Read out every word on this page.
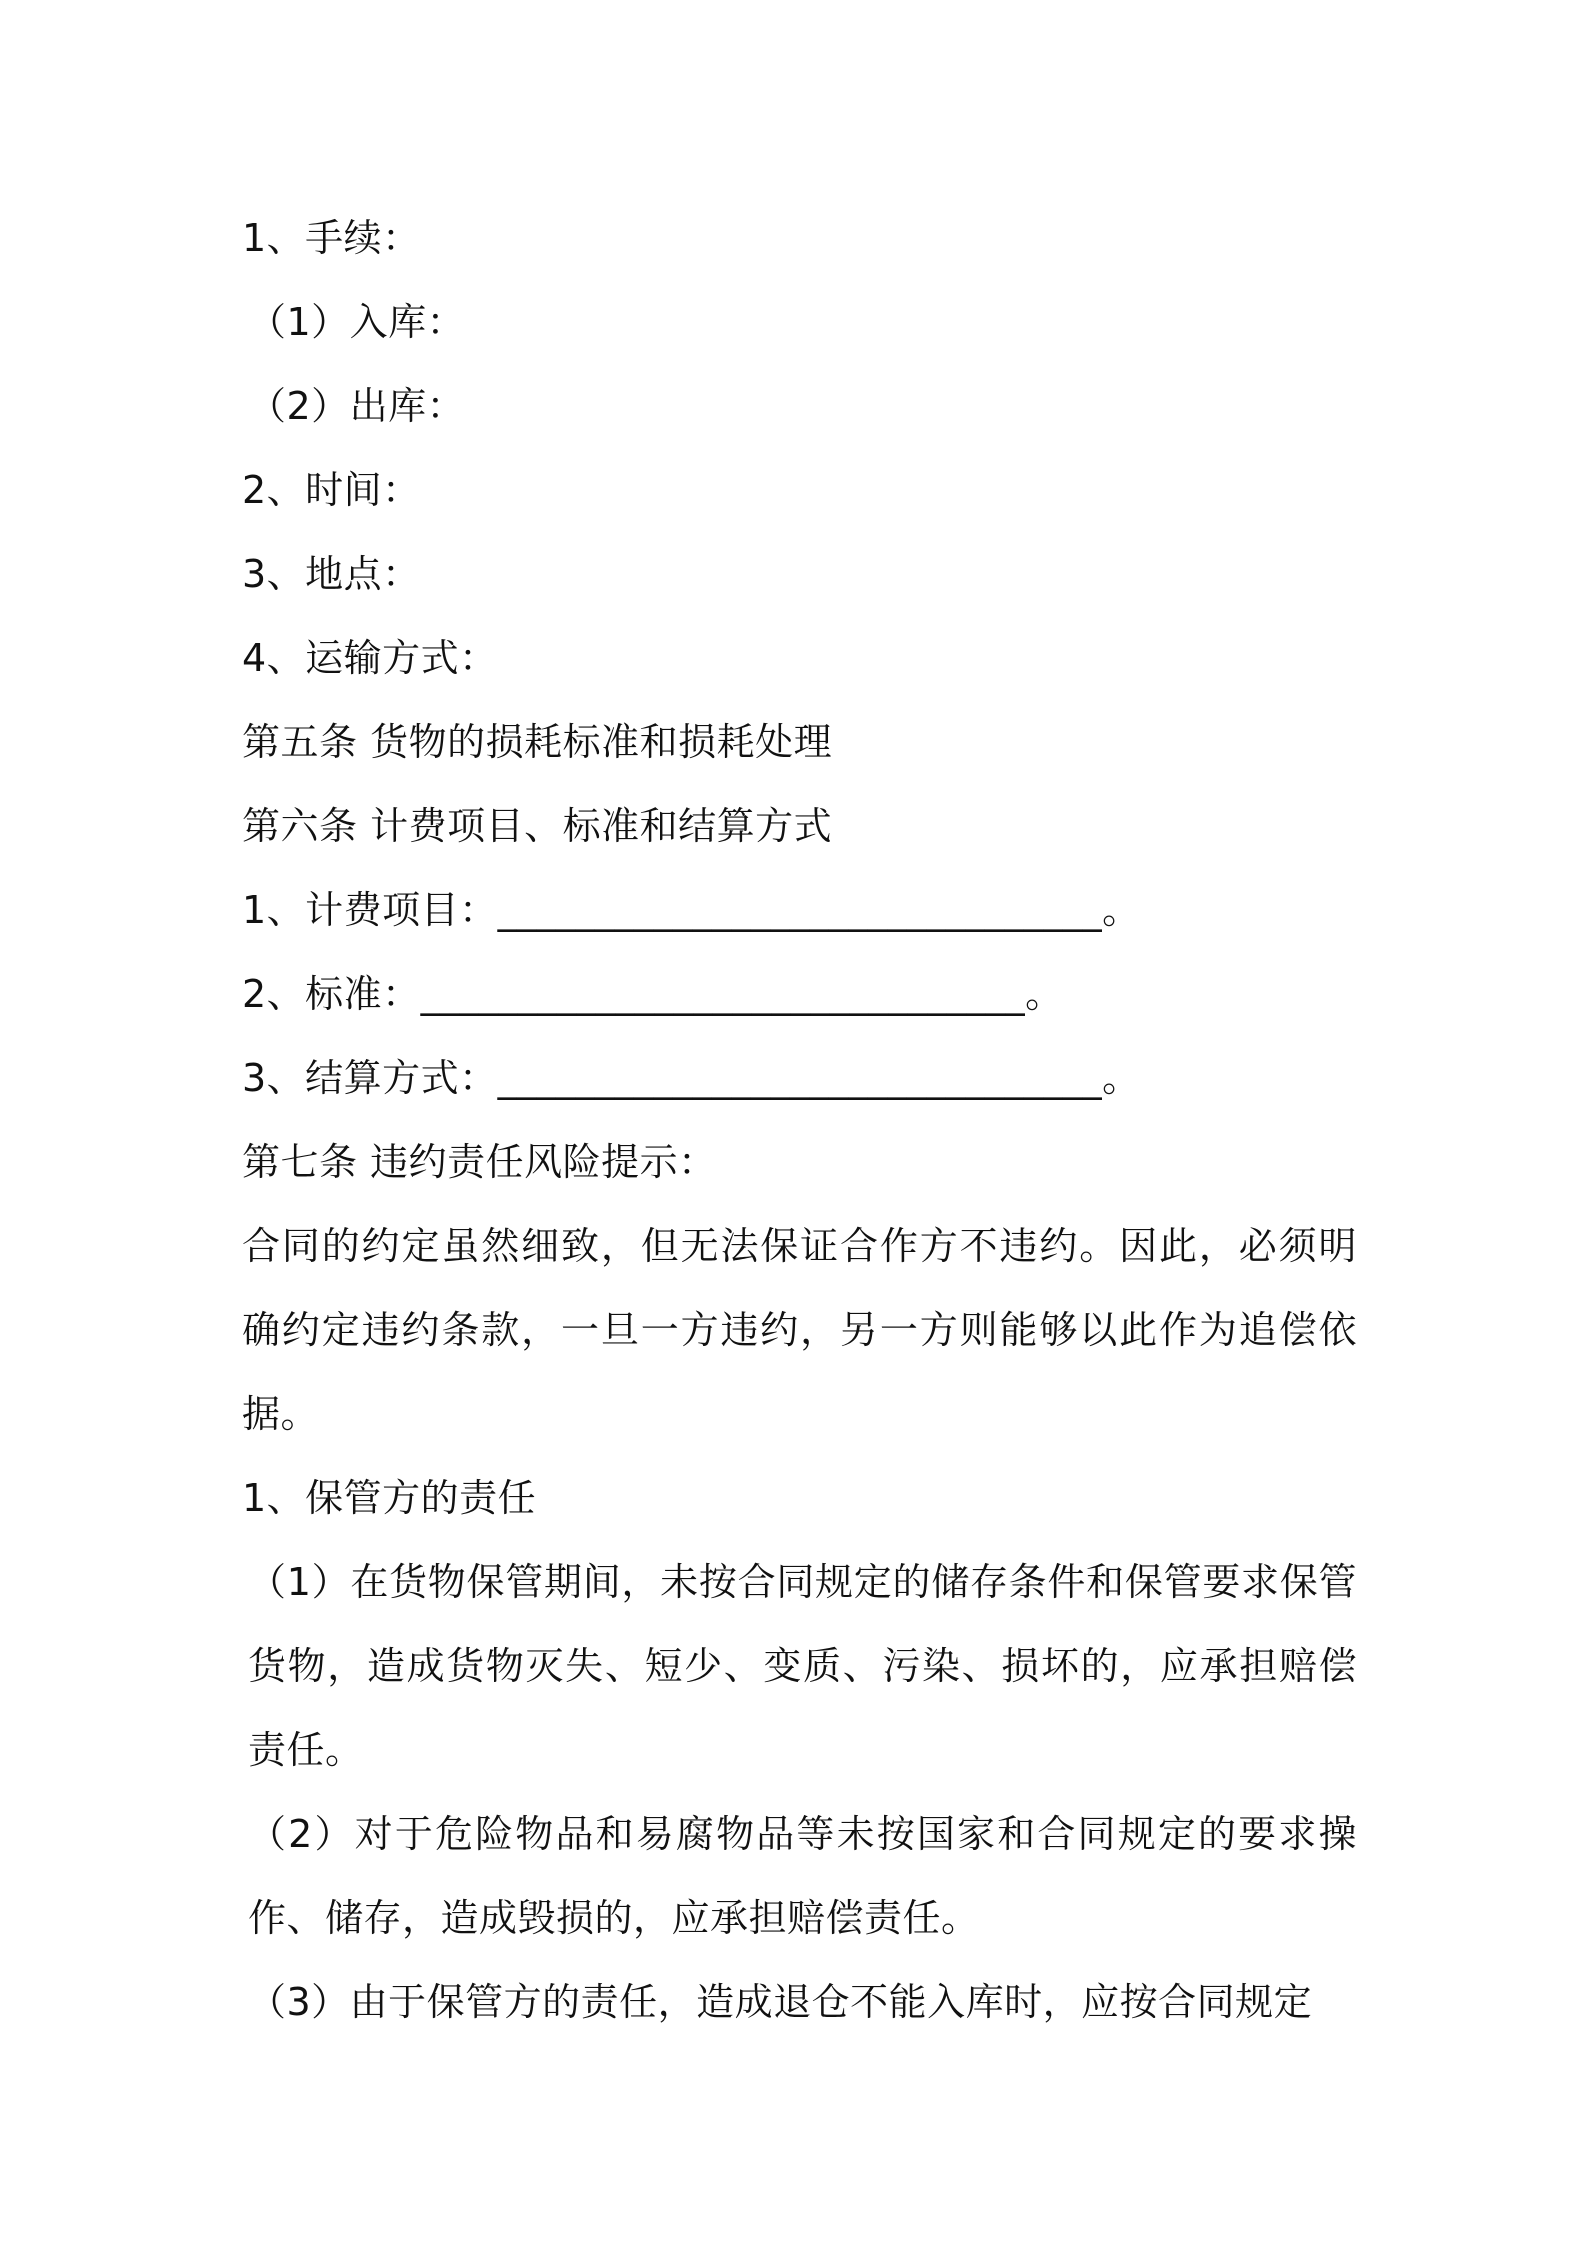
1、手续：
（1）入库：
（2）出库：
2、时间：
3、地点：
4、运输方式：
第五条 货物的损耗标准和损耗处理
第六条 计费项目、标准和结算方式
1、计费项目：_______________________________。
2、标准：_______________________________。
3、结算方式：_______________________________。
第七条 违约责任风险提示：
合同的约定虽然细致，但无法保证合作方不违约。因此，必须明确约定违约条款，一旦一方违约，另一方则能够以此作为追偿依据。
1、保管方的责任
（1）在货物保管期间，未按合同规定的储存条件和保管要求保管货物，造成货物灭失、短少、变质、污染、损坏的，应承担赔偿责任。
（2）对于危险物品和易腐物品等未按国家和合同规定的要求操作、储存，造成毁损的，应承担赔偿责任。
（3）由于保管方的责任，造成退仓不能入库时，应按合同规定
